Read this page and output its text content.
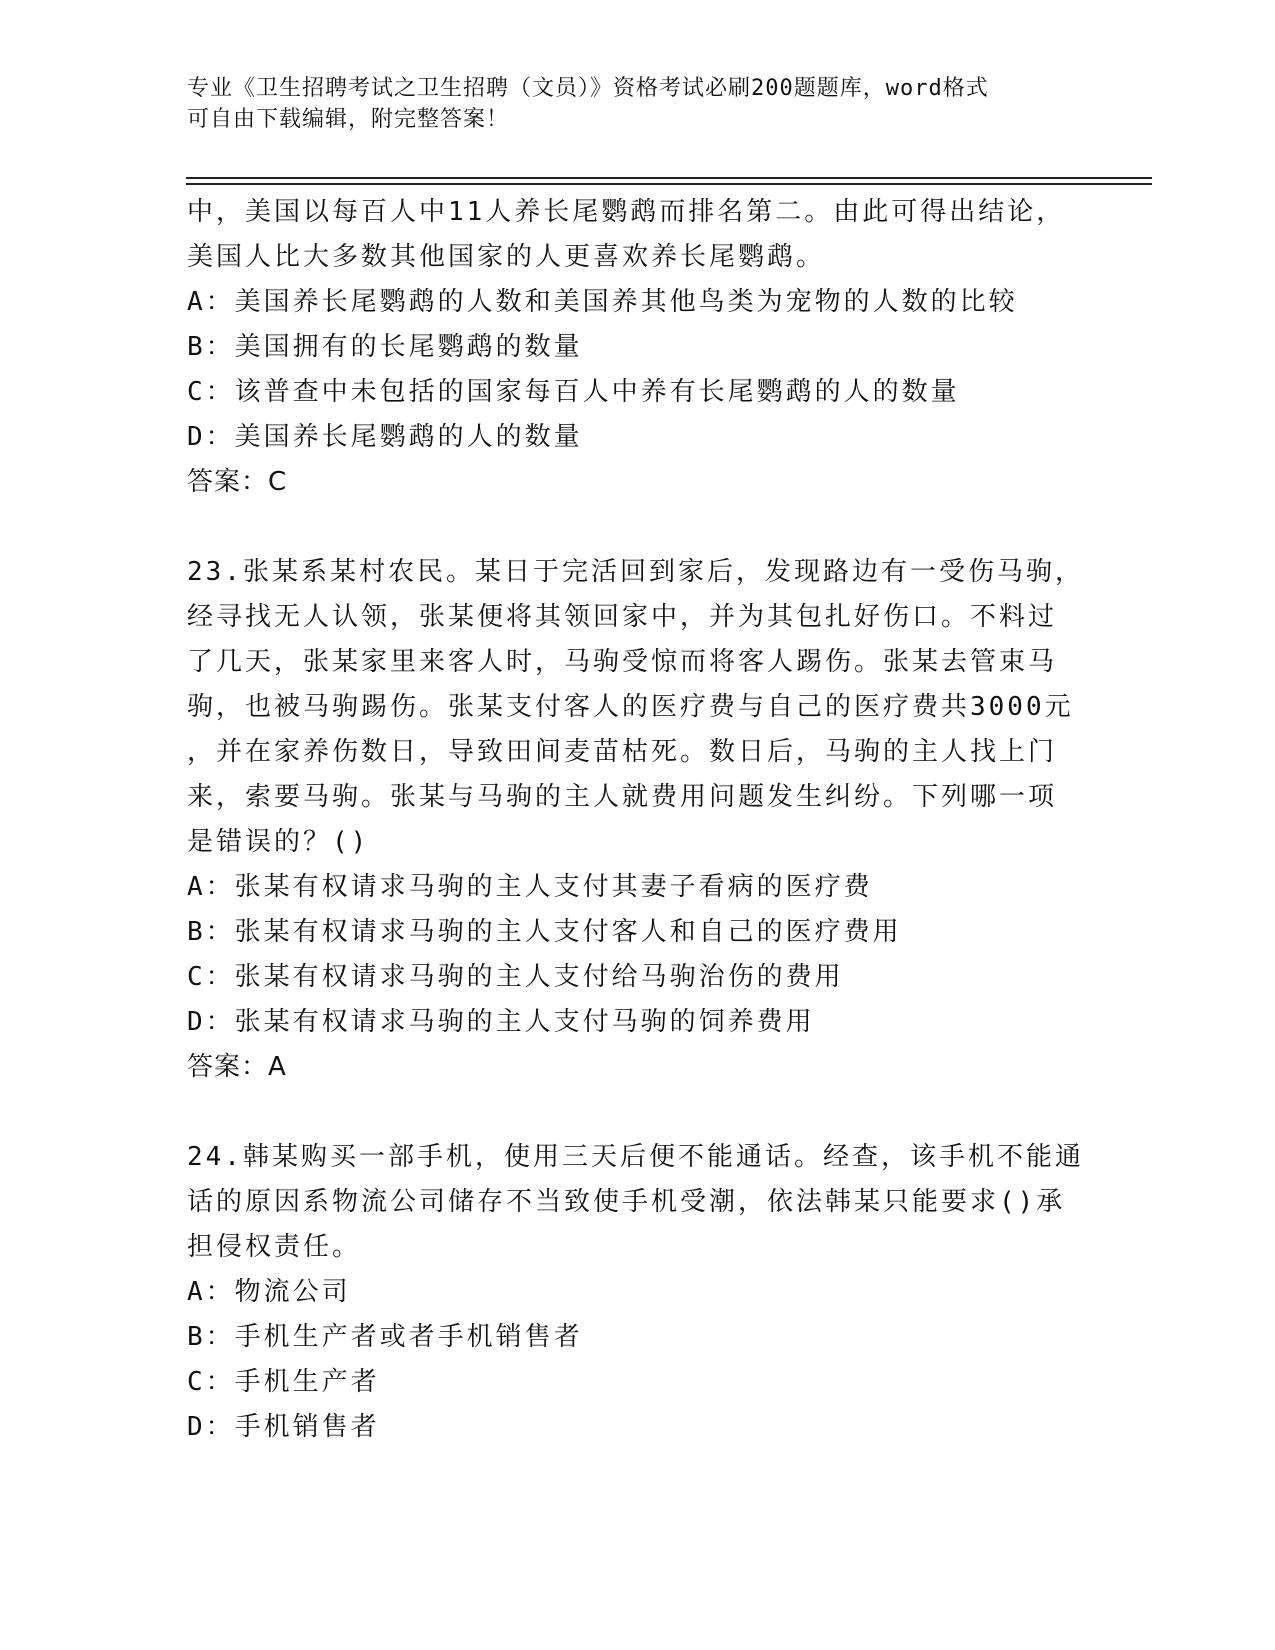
专业《卫生招聘考试之卫生招聘（文员）》资格考试必刷200题题库，word格式
可自由下载编辑，附完整答案！
中，美国以每百人中11人养长尾鹦鹉而排名第二。由此可得出结论，
美国人比大多数其他国家的人更喜欢养长尾鹦鹉。
A：美国养长尾鹦鹉的人数和美国养其他鸟类为宠物的人数的比较
B：美国拥有的长尾鹦鹉的数量
C：该普查中未包括的国家每百人中养有长尾鹦鹉的人的数量
D：美国养长尾鹦鹉的人的数量
答案：C
23.张某系某村农民。某日于完活回到家后，发现路边有一受伤马驹，
经寻找无人认领，张某便将其领回家中，并为其包扎好伤口。不料过
了几天，张某家里来客人时，马驹受惊而将客人踢伤。张某去管束马
驹，也被马驹踢伤。张某支付客人的医疗费与自己的医疗费共3000元
，并在家养伤数日，导致田间麦苗枯死。数日后，马驹的主人找上门
来，索要马驹。张某与马驹的主人就费用问题发生纠纷。下列哪一项
是错误的？()
A：张某有权请求马驹的主人支付其妻子看病的医疗费
B：张某有权请求马驹的主人支付客人和自己的医疗费用
C：张某有权请求马驹的主人支付给马驹治伤的费用
D：张某有权请求马驹的主人支付马驹的饲养费用
答案：A
24.韩某购买一部手机，使用三天后便不能通话。经查，该手机不能通
话的原因系物流公司储存不当致使手机受潮，依法韩某只能要求()承
担侵权责任。
A：物流公司
B：手机生产者或者手机销售者
C：手机生产者
D：手机销售者
